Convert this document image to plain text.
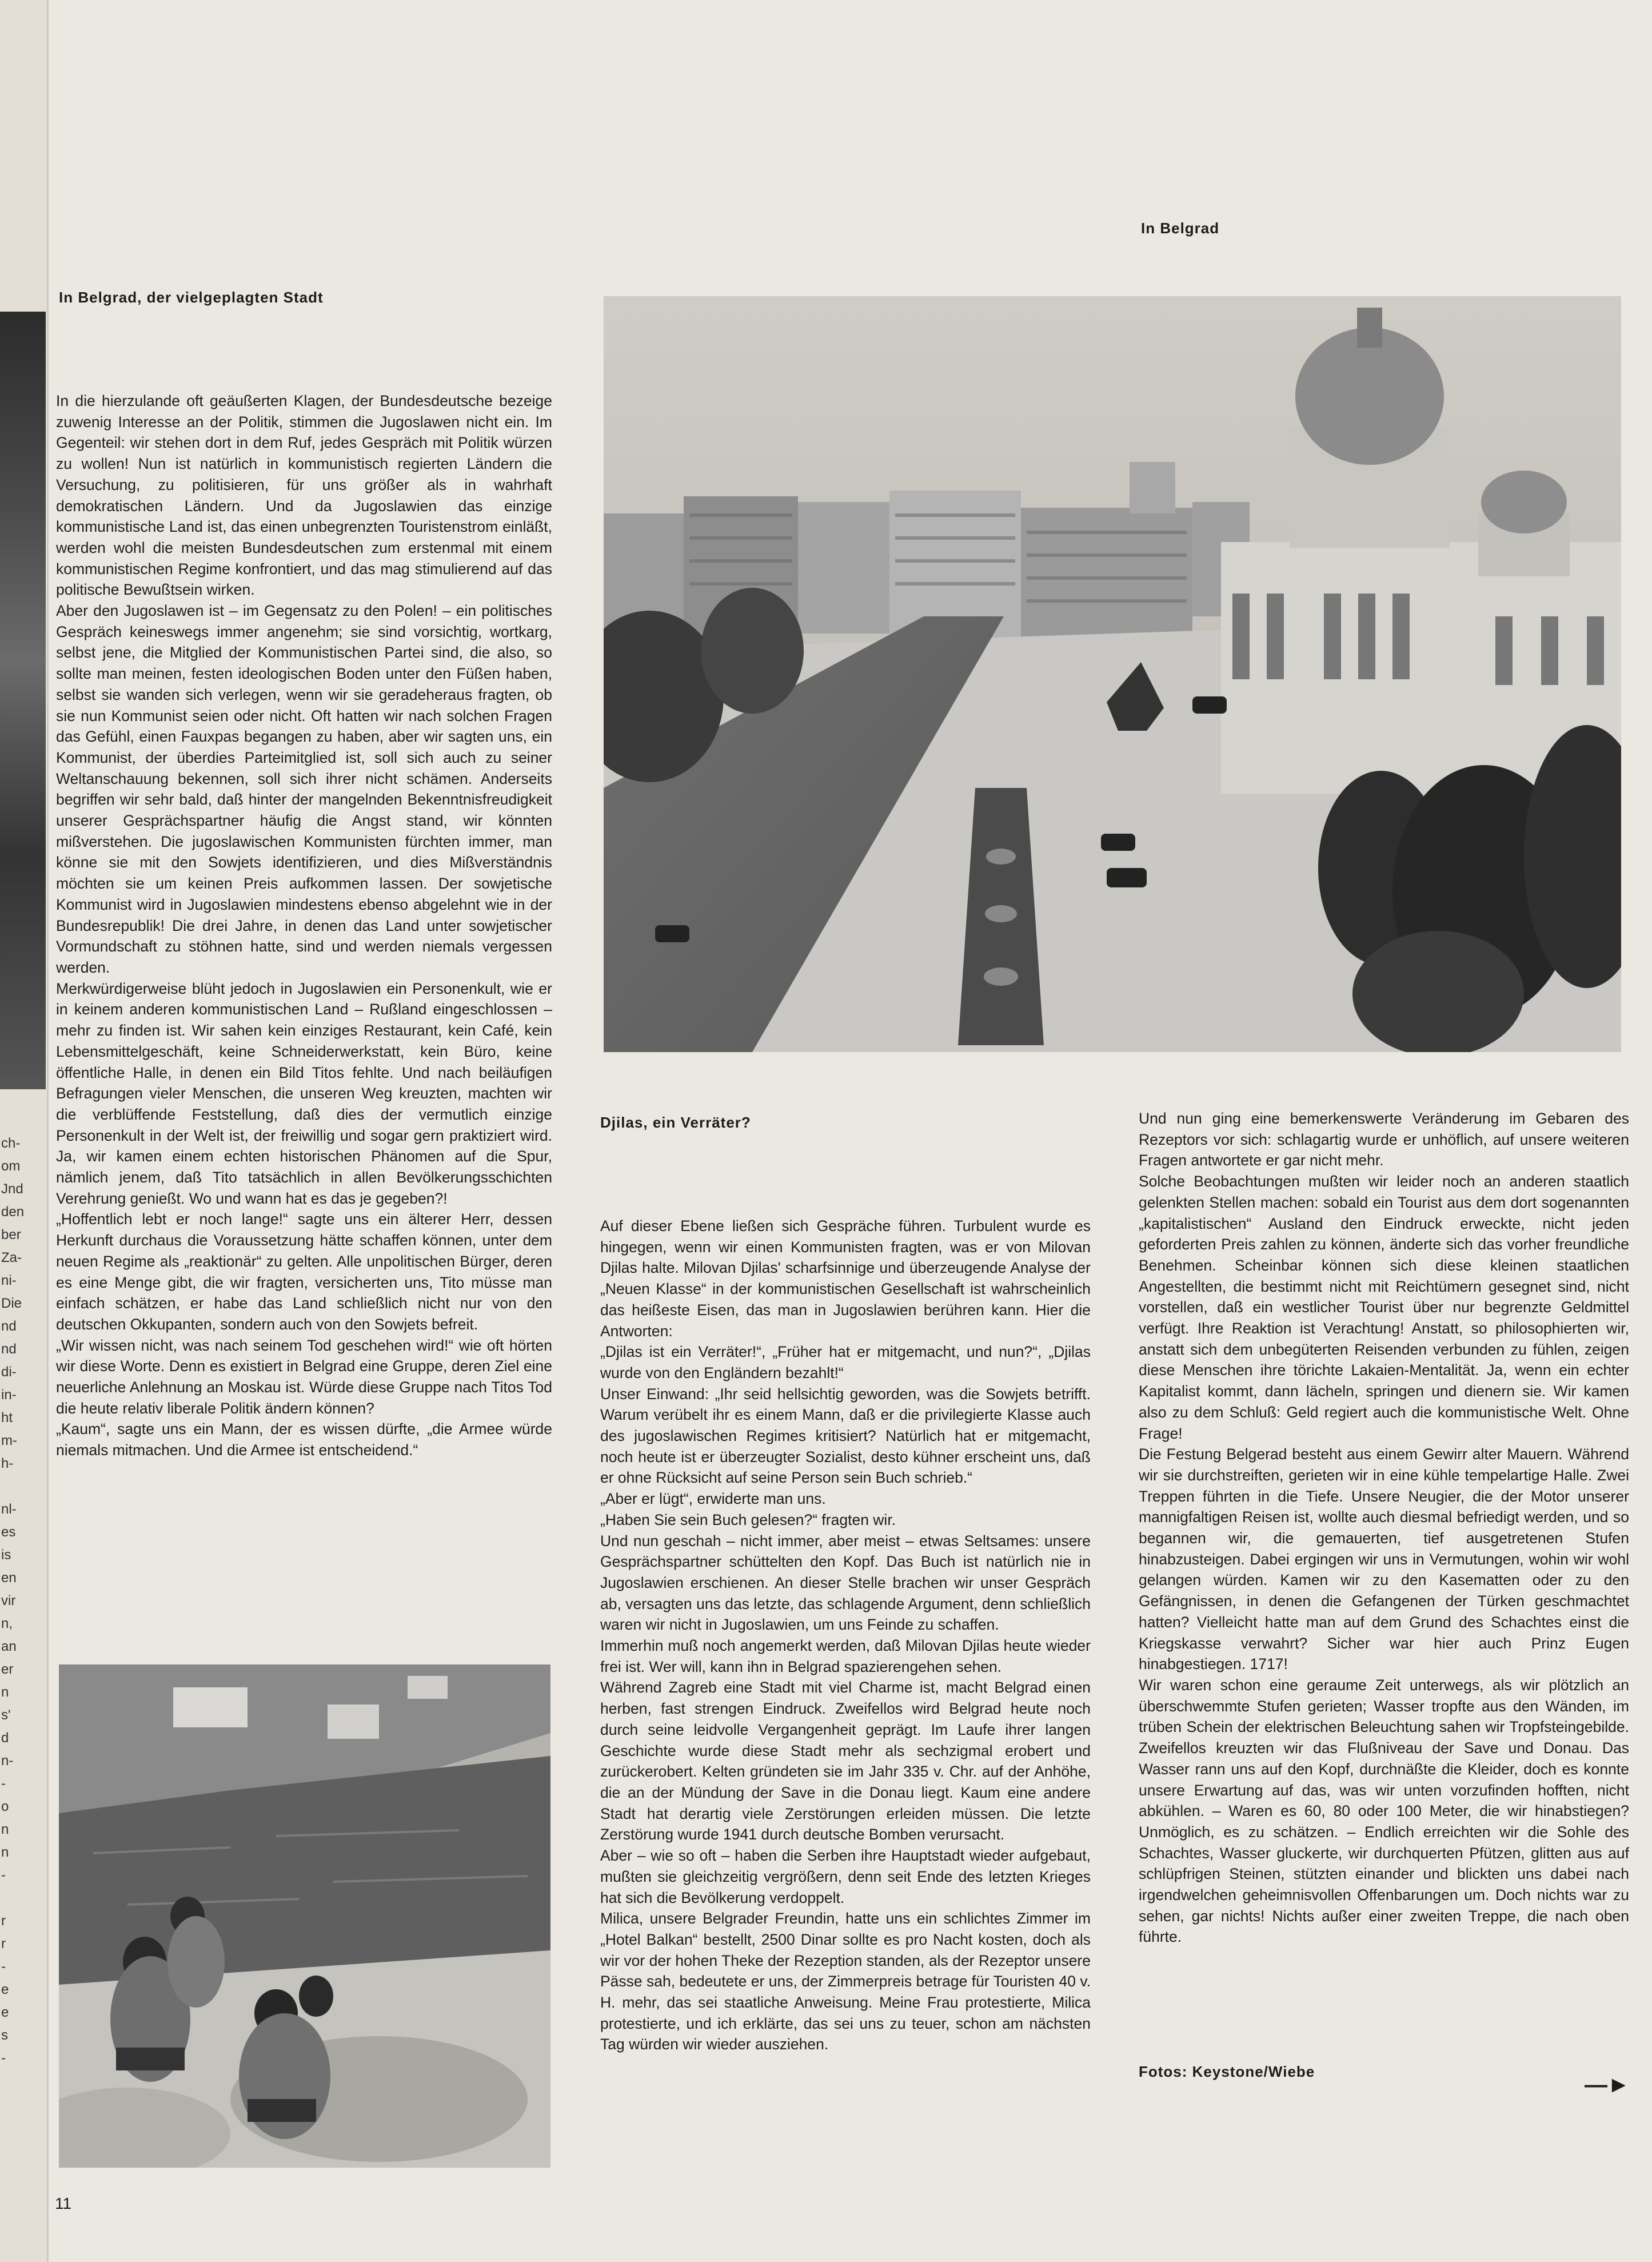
ch-
om
Jnd
den
ber
Za-
ni-
Die
nd
nd
di-
in-
ht
m-
h-

nl-
es
is
en
vir
n,
an
er
n
s'
d
n-
-
o
n
n
-

r
r
-
e
e
s
-
In Belgrad
In Belgrad, der vielgeplagten Stadt
Djilas, ein Verräter?
Fotos: Keystone/Wiebe

In die hierzulande oft geäußerten Klagen, der Bundesdeutsche bezeige zuwenig Interesse an der Politik, stimmen die Jugoslawen nicht ein. Im Gegenteil: wir stehen dort in dem Ruf, jedes Gespräch mit Politik würzen zu wollen! Nun ist natürlich in kommunistisch regierten Ländern die Versuchung, zu politisieren, für uns größer als in wahrhaft demokratischen Ländern. Und da Jugoslawien das einzige kommunistische Land ist, das einen unbegrenzten Touristenstrom einläßt, werden wohl die meisten Bundesdeutschen zum erstenmal mit einem kommunistischen Regime konfrontiert, und das mag stimulierend auf das politische Bewußtsein wirken.

Aber den Jugoslawen ist – im Gegensatz zu den Polen! – ein politisches Gespräch keineswegs immer angenehm; sie sind vorsichtig, wortkarg, selbst jene, die Mitglied der Kommunistischen Partei sind, die also, so sollte man meinen, festen ideologischen Boden unter den Füßen haben, selbst sie wanden sich verlegen, wenn wir sie geradeheraus fragten, ob sie nun Kommunist seien oder nicht. Oft hatten wir nach solchen Fragen das Gefühl, einen Fauxpas begangen zu haben, aber wir sagten uns, ein Kommunist, der überdies Parteimitglied ist, soll sich auch zu seiner Weltanschauung bekennen, soll sich ihrer nicht schämen. Anderseits begriffen wir sehr bald, daß hinter der mangelnden Bekenntnisfreudigkeit unserer Gesprächspartner häufig die Angst stand, wir könnten mißverstehen. Die jugoslawischen Kommunisten fürchten immer, man könne sie mit den Sowjets identifizieren, und dies Mißverständnis möchten sie um keinen Preis aufkommen lassen. Der sowjetische Kommunist wird in Jugoslawien mindestens ebenso abgelehnt wie in der Bundesrepublik! Die drei Jahre, in denen das Land unter sowjetischer Vormundschaft zu stöhnen hatte, sind und werden niemals vergessen werden.

Merkwürdigerweise blüht jedoch in Jugoslawien ein Personenkult, wie er in keinem anderen kommunistischen Land – Rußland eingeschlossen – mehr zu finden ist. Wir sahen kein einziges Restaurant, kein Café, kein Lebensmittelgeschäft, keine Schneiderwerkstatt, kein Büro, keine öffentliche Halle, in denen ein Bild Titos fehlte. Und nach beiläufigen Befragungen vieler Menschen, die unseren Weg kreuzten, machten wir die verblüffende Feststellung, daß dies der vermutlich einzige Personenkult in der Welt ist, der freiwillig und sogar gern praktiziert wird. Ja, wir kamen einem echten historischen Phänomen auf die Spur, nämlich jenem, daß Tito tatsächlich in allen Bevölkerungsschichten Verehrung genießt. Wo und wann hat es das je gegeben?!

„Hoffentlich lebt er noch lange!“ sagte uns ein älterer Herr, dessen Herkunft durchaus die Voraussetzung hätte schaffen können, unter dem neuen Regime als „reaktionär“ zu gelten. Alle unpolitischen Bürger, deren es eine Menge gibt, die wir fragten, versicherten uns, Tito müsse man einfach schätzen, er habe das Land schließlich nicht nur von den deutschen Okkupanten, sondern auch von den Sowjets befreit.

„Wir wissen nicht, was nach seinem Tod geschehen wird!“ wie oft hörten wir diese Worte. Denn es existiert in Belgrad eine Gruppe, deren Ziel eine neuerliche Anlehnung an Moskau ist. Würde diese Gruppe nach Titos Tod die heute relativ liberale Politik ändern können?

„Kaum“, sagte uns ein Mann, der es wissen dürfte, „die Armee würde niemals mitmachen. Und die Armee ist entscheidend.“

Auf dieser Ebene ließen sich Gespräche führen. Turbulent wurde es hingegen, wenn wir einen Kommunisten fragten, was er von Milovan Djilas halte. Milovan Djilas' scharfsinnige und überzeugende Analyse der „Neuen Klasse“ in der kommunistischen Gesellschaft ist wahrscheinlich das heißeste Eisen, das man in Jugoslawien berühren kann. Hier die Antworten:

„Djilas ist ein Verräter!“, „Früher hat er mitgemacht, und nun?“, „Djilas wurde von den Engländern bezahlt!“

Unser Einwand: „Ihr seid hellsichtig geworden, was die Sowjets betrifft. Warum verübelt ihr es einem Mann, daß er die privilegierte Klasse auch des jugoslawischen Regimes kritisiert? Natürlich hat er mitgemacht, noch heute ist er überzeugter Sozialist, desto kühner erscheint uns, daß er ohne Rücksicht auf seine Person sein Buch schrieb.“

„Aber er lügt“, erwiderte man uns.

„Haben Sie sein Buch gelesen?“ fragten wir.

Und nun geschah – nicht immer, aber meist – etwas Seltsames: unsere Gesprächspartner schüttelten den Kopf. Das Buch ist natürlich nie in Jugoslawien erschienen. An dieser Stelle brachen wir unser Gespräch ab, versagten uns das letzte, das schlagende Argument, denn schließlich waren wir nicht in Jugoslawien, um uns Feinde zu schaffen.

Immerhin muß noch angemerkt werden, daß Milovan Djilas heute wieder frei ist. Wer will, kann ihn in Belgrad spazierengehen sehen.

Während Zagreb eine Stadt mit viel Charme ist, macht Belgrad einen herben, fast strengen Eindruck. Zweifellos wird Belgrad heute noch durch seine leidvolle Vergangenheit geprägt. Im Laufe ihrer langen Geschichte wurde diese Stadt mehr als sechzigmal erobert und zurückerobert. Kelten gründeten sie im Jahr 335 v. Chr. auf der Anhöhe, die an der Mündung der Save in die Donau liegt. Kaum eine andere Stadt hat derartig viele Zerstörungen erleiden müssen. Die letzte Zerstörung wurde 1941 durch deutsche Bomben verursacht.

Aber – wie so oft – haben die Serben ihre Hauptstadt wieder aufgebaut, mußten sie gleichzeitig vergrößern, denn seit Ende des letzten Krieges hat sich die Bevölkerung verdoppelt.

Milica, unsere Belgrader Freundin, hatte uns ein schlichtes Zimmer im „Hotel Balkan“ bestellt, 2500 Dinar sollte es pro Nacht kosten, doch als wir vor der hohen Theke der Rezeption standen, als der Rezeptor unsere Pässe sah, bedeutete er uns, der Zimmerpreis betrage für Touristen 40 v. H. mehr, das sei staatliche Anweisung. Meine Frau protestierte, Milica protestierte, und ich erklärte, das sei uns zu teuer, schon am nächsten Tag würden wir wieder ausziehen.

Und nun ging eine bemerkenswerte Veränderung im Gebaren des Rezeptors vor sich: schlagartig wurde er unhöflich, auf unsere weiteren Fragen antwortete er gar nicht mehr.

Solche Beobachtungen mußten wir leider noch an anderen staatlich gelenkten Stellen machen: sobald ein Tourist aus dem dort sogenannten „kapitalistischen“ Ausland den Eindruck erweckte, nicht jeden geforderten Preis zahlen zu können, änderte sich das vorher freundliche Benehmen. Scheinbar können sich diese kleinen staatlichen Angestellten, die bestimmt nicht mit Reichtümern gesegnet sind, nicht vorstellen, daß ein westlicher Tourist über nur begrenzte Geldmittel verfügt. Ihre Reaktion ist Verachtung! Anstatt, so philosophierten wir, anstatt sich dem unbegüterten Reisenden verbunden zu fühlen, zeigen diese Menschen ihre törichte Lakaien-Mentalität. Ja, wenn ein echter Kapitalist kommt, dann lächeln, springen und dienern sie. Wir kamen also zu dem Schluß: Geld regiert auch die kommunistische Welt. Ohne Frage!

Die Festung Belgerad besteht aus einem Gewirr alter Mauern. Während wir sie durchstreiften, gerieten wir in eine kühle tempelartige Halle. Zwei Treppen führten in die Tiefe. Unsere Neugier, die der Motor unserer mannigfaltigen Reisen ist, wollte auch diesmal befriedigt werden, und so begannen wir, die gemauerten, tief ausgetretenen Stufen hinabzusteigen. Dabei ergingen wir uns in Vermutungen, wohin wir wohl gelangen würden. Kamen wir zu den Kasematten oder zu den Gefängnissen, in denen die Gefangenen der Türken geschmachtet hatten? Vielleicht hatte man auf dem Grund des Schachtes einst die Kriegskasse verwahrt? Sicher war hier auch Prinz Eugen hinabgestiegen. 1717!

Wir waren schon eine geraume Zeit unterwegs, als wir plötzlich an überschwemmte Stufen gerieten; Wasser tropfte aus den Wänden, im trüben Schein der elektrischen Beleuchtung sahen wir Tropfsteingebilde. Zweifellos kreuzten wir das Flußniveau der Save und Donau. Das Wasser rann uns auf den Kopf, durchnäßte die Kleider, doch es konnte unsere Erwartung auf das, was wir unten vorzufinden hofften, nicht abkühlen. – Waren es 60, 80 oder 100 Meter, die wir hinabstiegen? Unmöglich, es zu schätzen. – Endlich erreichten wir die Sohle des Schachtes, Wasser gluckerte, wir durchquerten Pfützen, glitten aus auf schlüpfrigen Steinen, stützten einander und blickten uns dabei nach irgendwelchen geheimnisvollen Offenbarungen um. Doch nichts war zu sehen, gar nichts! Nichts außer einer zweiten Treppe, die nach oben führte.

—►
11
